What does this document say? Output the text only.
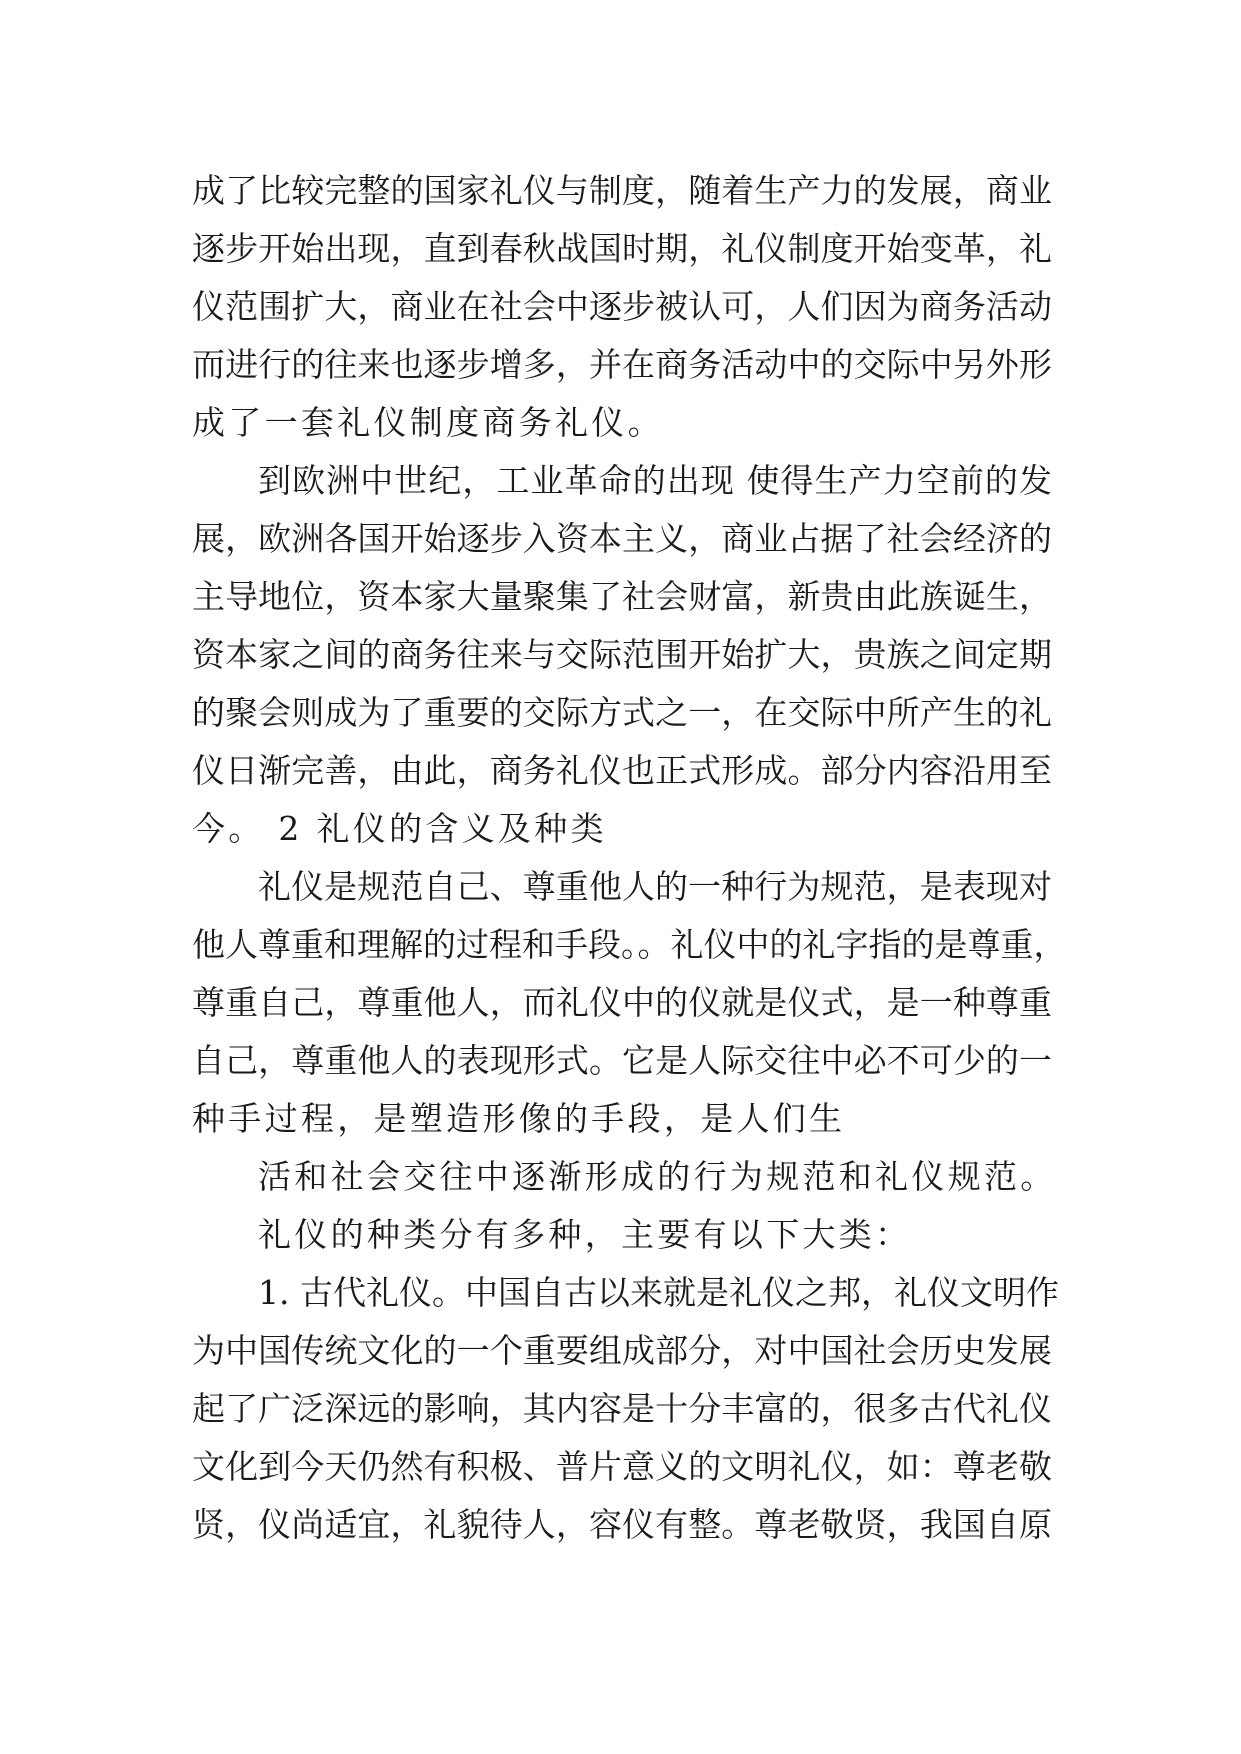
成了比较完整的国家礼仪与制度，随着生产力的发展，商业
逐步开始出现，直到春秋战国时期，礼仪制度开始变革，礼
仪范围扩大，商业在社会中逐步被认可，人们因为商务活动
而进行的往来也逐步增多，并在商务活动中的交际中另外形
成了一套礼仪制度商务礼仪。
到欧洲中世纪，工业革命的出现 使得生产力空前的发
展，欧洲各国开始逐步入资本主义，商业占据了社会经济的
主导地位，资本家大量聚集了社会财富，新贵由此族诞生，
资本家之间的商务往来与交际范围开始扩大，贵族之间定期
的聚会则成为了重要的交际方式之一，在交际中所产生的礼
仪日渐完善，由此，商务礼仪也正式形成。部分内容沿用至
今。 2 礼仪的含义及种类
礼仪是规范自己、尊重他人的一种行为规范，是表现对
他人尊重和理解的过程和手段。。礼仪中的礼字指的是尊重，
尊重自己，尊重他人，而礼仪中的仪就是仪式，是一种尊重
自己，尊重他人的表现形式。它是人际交往中必不可少的一
种手过程，是塑造形像的手段，是人们生
活和社会交往中逐渐形成的行为规范和礼仪规范。
礼仪的种类分有多种，主要有以下大类：
1. 古代礼仪。中国自古以来就是礼仪之邦，礼仪文明作
为中国传统文化的一个重要组成部分，对中国社会历史发展
起了广泛深远的影响，其内容是十分丰富的，很多古代礼仪
文化到今天仍然有积极、普片意义的文明礼仪，如：尊老敬
贤，仪尚适宜，礼貌待人，容仪有整。尊老敬贤，我国自原
